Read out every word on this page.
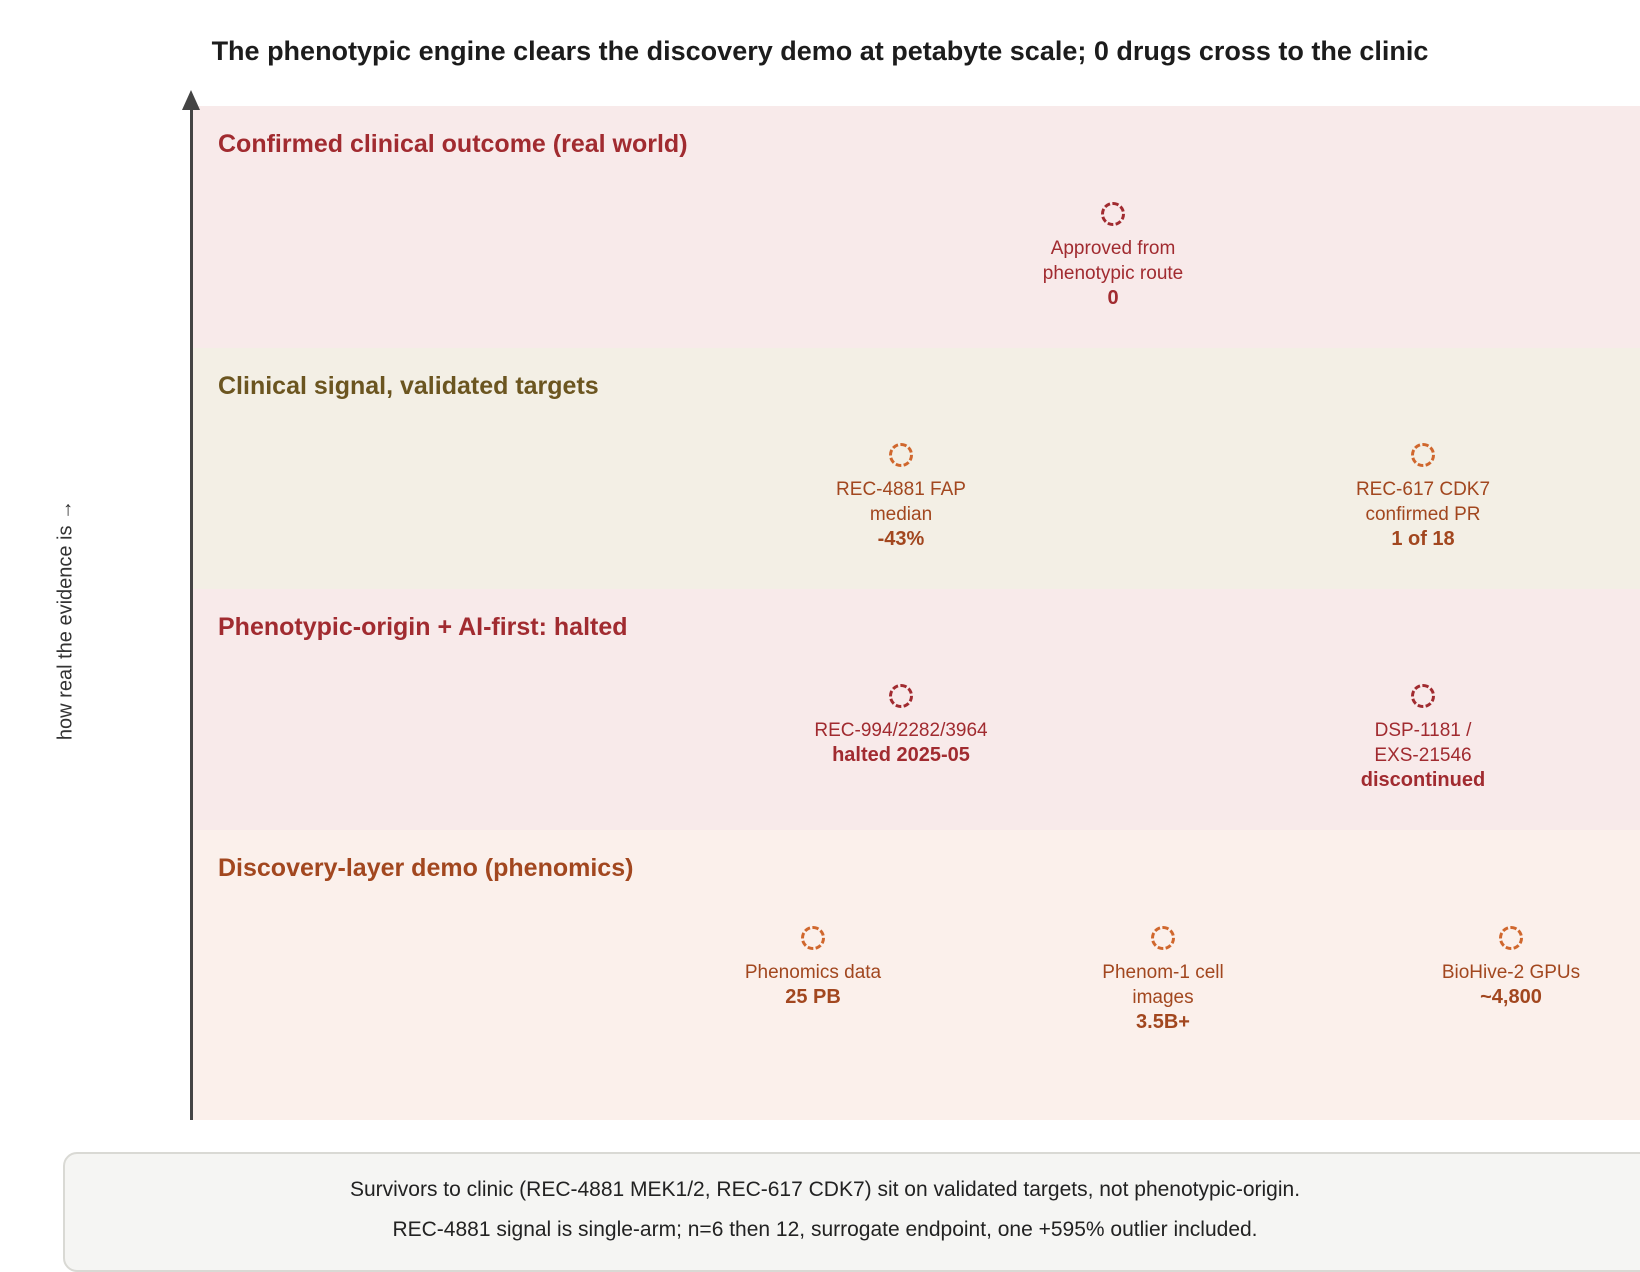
The phenotypic engine clears the discovery demo at petabyte scale; 0 drugs cross to the clinic
how real the evidence is →
Confirmed clinical outcome (real world)
Approved from
phenotypic route
0
Clinical signal, validated targets
REC-4881 FAP
median
-43%
REC-617 CDK7
confirmed PR
1 of 18
Phenotypic-origin + AI-first: halted
REC-994/2282/3964
halted 2025-05
DSP-1181 /
EXS-21546
discontinued
Discovery-layer demo (phenomics)
Phenomics data
25 PB
Phenom-1 cell
images
3.5B+
BioHive-2 GPUs
~4,800
Survivors to clinic (REC-4881 MEK1/2, REC-617 CDK7) sit on validated targets, not phenotypic-origin.
REC-4881 signal is single-arm; n=6 then 12, surrogate endpoint, one +595% outlier included.
